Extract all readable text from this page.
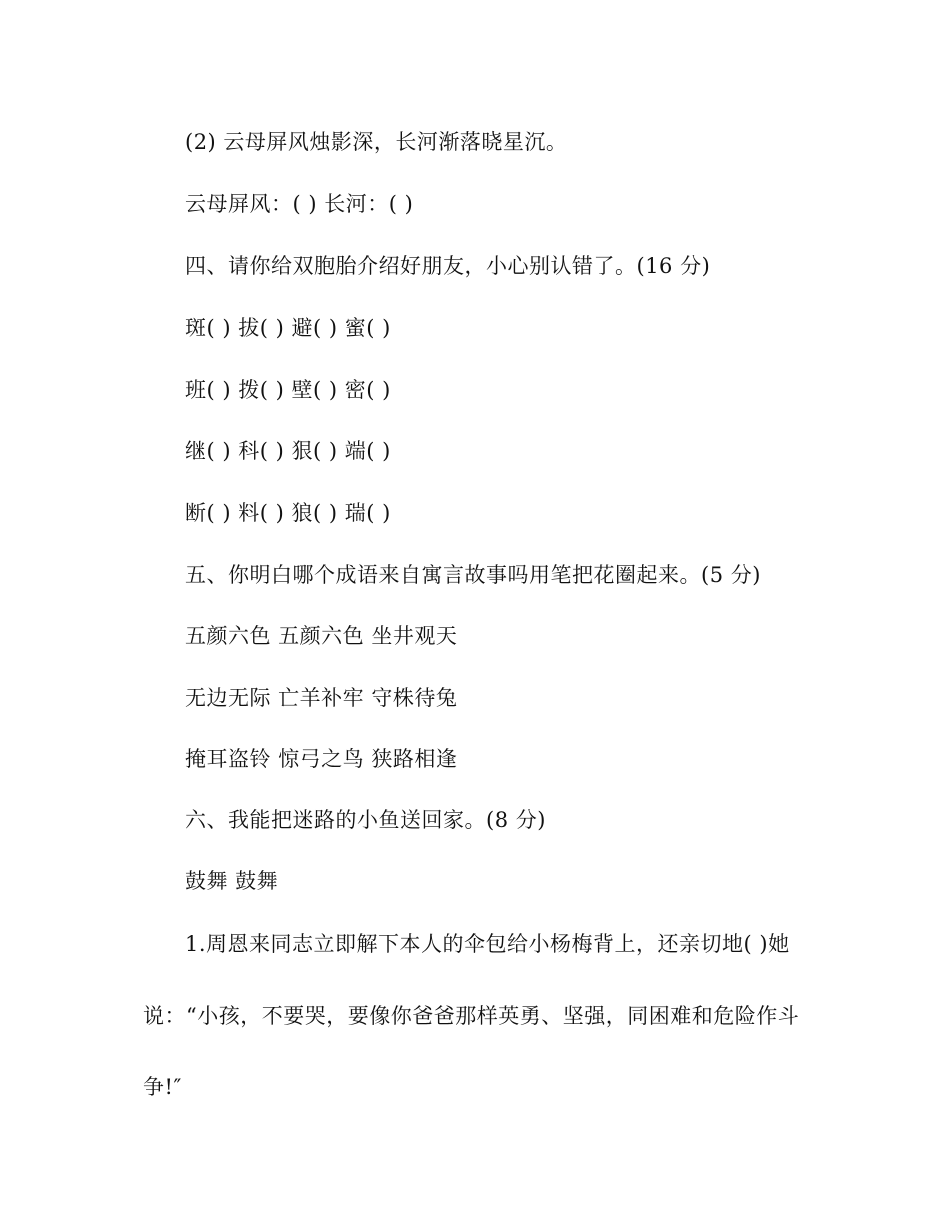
(2) 云母屏风烛影深，长河渐落晓星沉。
云母屏风：( ) 长河：( )
四、请你给双胞胎介绍好朋友，小心别认错了。(16 分)
斑( ) 拔( ) 避( ) 蜜( )
班( ) 拨( ) 壁( ) 密( )
继( ) 科( ) 狠( ) 端( )
断( ) 料( ) 狼( ) 瑞( )
五、你明白哪个成语来自寓言故事吗用笔把花圈起来。(5 分)
五颜六色 五颜六色 坐井观天
无边无际 亡羊补牢 守株待兔
掩耳盗铃 惊弓之鸟 狭路相逢
六、我能把迷路的小鱼送回家。(8 分)
鼓舞 鼓舞
1.周恩来同志立即解下本人的伞包给小杨梅背上，还亲切地( )她
说：“小孩，不要哭，要像你爸爸那样英勇、坚强，同困难和危险作斗
争!″
